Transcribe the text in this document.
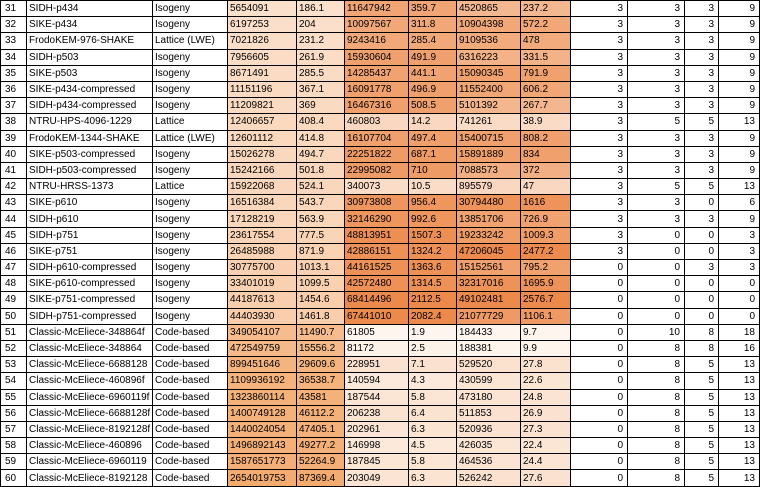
31	SIDH-p434	Isogeny	5654091	186.1	11647942	359.7	4520865	237.2	3	3	3	9
32	SIKE-p434	Isogeny	6197253	204	10097567	311.8	10904398	572.2	3	3	3	9
33	FrodoKEM-976-SHAKE	Lattice (LWE)	7021826	231.2	9243416	285.4	9109536	478	3	3	3	9
34	SIDH-p503	Isogeny	7956605	261.9	15930604	491.9	6316223	331.5	3	3	3	9
35	SIKE-p503	Isogeny	8671491	285.5	14285437	441.1	15090345	791.9	3	3	3	9
36	SIKE-p434-compressed	Isogeny	11151196	367.1	16091778	496.9	11552400	606.2	3	3	3	9
37	SIDH-p434-compressed	Isogeny	11209821	369	16467316	508.5	5101392	267.7	3	3	3	9
38	NTRU-HPS-4096-1229	Lattice	12406657	408.4	460803	14.2	741261	38.9	3	5	5	13
39	FrodoKEM-1344-SHAKE	Lattice (LWE)	12601112	414.8	16107704	497.4	15400715	808.2	3	3	3	9
40	SIKE-p503-compressed	Isogeny	15026278	494.7	22251822	687.1	15891889	834	3	3	3	9
41	SIDH-p503-compressed	Isogeny	15242166	501.8	22995082	710	7088573	372	3	3	3	9
42	NTRU-HRSS-1373	Lattice	15922068	524.1	340073	10.5	895579	47	3	5	5	13
43	SIKE-p610	Isogeny	16516384	543.7	30973808	956.4	30794480	1616	3	3	0	6
44	SIDH-p610	Isogeny	17128219	563.9	32146290	992.6	13851706	726.9	3	3	3	9
45	SIDH-p751	Isogeny	23617554	777.5	48813951	1507.3	19233242	1009.3	3	0	0	3
46	SIKE-p751	Isogeny	26485988	871.9	42886151	1324.2	47206045	2477.2	3	0	0	3
47	SIDH-p610-compressed	Isogeny	30775700	1013.1	44161525	1363.6	15152561	795.2	0	0	3	3
48	SIKE-p610-compressed	Isogeny	33401019	1099.5	42572480	1314.5	32317016	1695.9	0	0	0	0
49	SIKE-p751-compressed	Isogeny	44187613	1454.6	68414496	2112.5	49102481	2576.7	0	0	0	0
50	SIDH-p751-compressed	Isogeny	44403930	1461.8	67441010	2082.4	21077729	1106.1	0	0	0	0
51	Classic-McEliece-348864f	Code-based	349054107	11490.7	61805	1.9	184433	9.7	0	10	8	18
52	Classic-McEliece-348864	Code-based	472549759	15556.2	81172	2.5	188381	9.9	0	8	8	16
53	Classic-McEliece-6688128	Code-based	899451646	29609.6	228951	7.1	529520	27.8	0	8	5	13
54	Classic-McEliece-460896f	Code-based	1109936192	36538.7	140594	4.3	430599	22.6	0	8	5	13
55	Classic-McEliece-6960119f	Code-based	1323860114	43581	187544	5.8	473180	24.8	0	8	5	13
56	Classic-McEliece-6688128f	Code-based	1400749128	46112.2	206238	6.4	511853	26.9	0	8	5	13
57	Classic-McEliece-8192128f	Code-based	1440024054	47405.1	202961	6.3	520936	27.3	0	8	5	13
58	Classic-McEliece-460896	Code-based	1496892143	49277.2	146998	4.5	426035	22.4	0	8	5	13
59	Classic-McEliece-6960119	Code-based	1587651773	52264.9	187845	5.8	464536	24.4	0	8	5	13
60	Classic-McEliece-8192128	Code-based	2654019753	87369.4	203049	6.3	526242	27.6	0	8	5	13
